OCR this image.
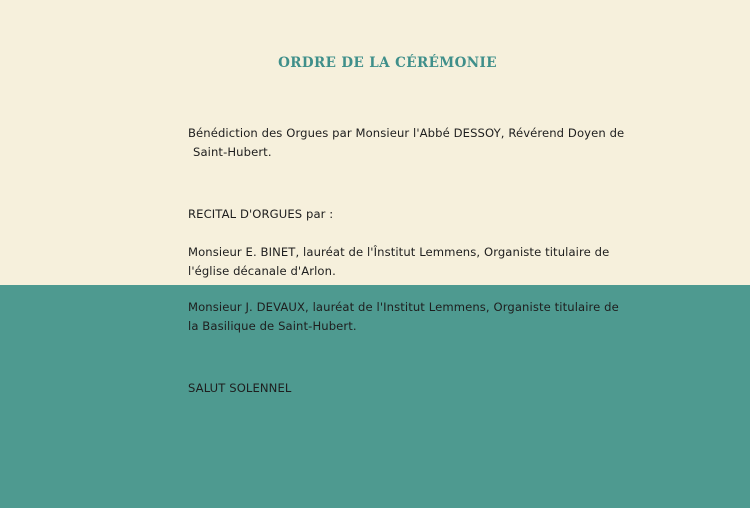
ORDRE DE LA CÉRÉMONIE
Bénédiction des Orgues par Monsieur l'Abbé DESSOY, Révérend Doyen de
Saint-Hubert.
RECITAL D'ORGUES par :
Monsieur E. BINET, lauréat de l'Înstitut Lemmens, Organiste titulaire de
l'église décanale d'Arlon.
Monsieur J. DEVAUX, lauréat de l'Institut Lemmens, Organiste titulaire de
la Basilique de Saint-Hubert.
SALUT SOLENNEL
